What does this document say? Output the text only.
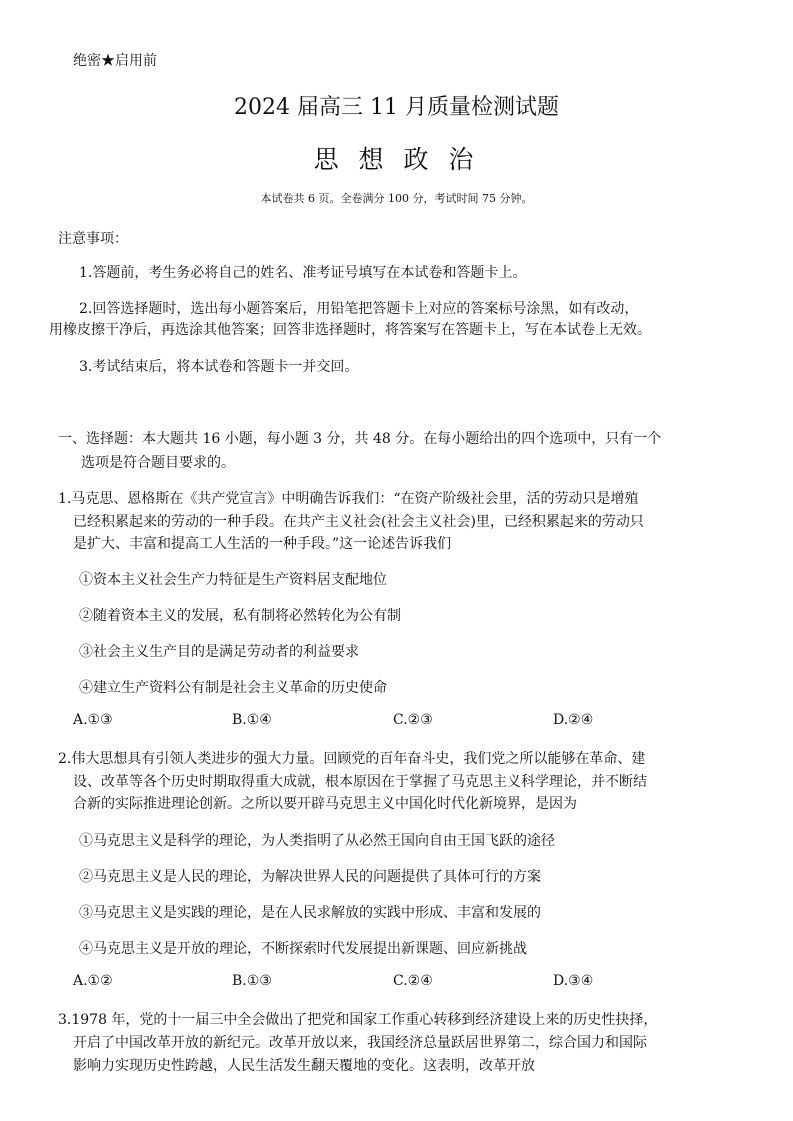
绝密★启用前
2024 届高三 11 月质量检测试题
思 想 政 治
本试卷共 6 页。全卷满分 100 分，考试时间 75 分钟。
注意事项：
1.答题前，考生务必将自己的姓名、准考证号填写在本试卷和答题卡上。
2.回答选择题时，选出每小题答案后，用铅笔把答题卡上对应的答案标号涂黑，如有改动，
用橡皮擦干净后，再选涂其他答案；回答非选择题时，将答案写在答题卡上，写在本试卷上无效。
3.考试结束后，将本试卷和答题卡一并交回。
一、选择题：本大题共 16 小题，每小题 3 分，共 48 分。在每小题给出的四个选项中，只有一个
选项是符合题目要求的。
1.马克思、恩格斯在《共产党宣言》中明确告诉我们：“在资产阶级社会里，活的劳动只是增殖
已经积累起来的劳动的一种手段。在共产主义社会(社会主义社会)里，已经积累起来的劳动只
是扩大、丰富和提高工人生活的一种手段。”这一论述告诉我们
①资本主义社会生产力特征是生产资料居支配地位
②随着资本主义的发展，私有制将必然转化为公有制
③社会主义生产目的是满足劳动者的利益要求
④建立生产资料公有制是社会主义革命的历史使命
A.①③	B.①④	C.②③	D.②④
2.伟大思想具有引领人类进步的强大力量。回顾党的百年奋斗史，我们党之所以能够在革命、建
设、改革等各个历史时期取得重大成就，根本原因在于掌握了马克思主义科学理论，并不断结
合新的实际推进理论创新。之所以要开辟马克思主义中国化时代化新境界，是因为
①马克思主义是科学的理论，为人类指明了从必然王国向自由王国飞跃的途径
②马克思主义是人民的理论，为解决世界人民的问题提供了具体可行的方案
③马克思主义是实践的理论，是在人民求解放的实践中形成、丰富和发展的
④马克思主义是开放的理论，不断探索时代发展提出新课题、回应新挑战
A.①②	B.①③	C.②④	D.③④
3.1978 年，党的十一届三中全会做出了把党和国家工作重心转移到经济建设上来的历史性抉择，
开启了中国改革开放的新纪元。改革开放以来，我国经济总量跃居世界第二，综合国力和国际
影响力实现历史性跨越，人民生活发生翻天覆地的变化。这表明，改革开放
